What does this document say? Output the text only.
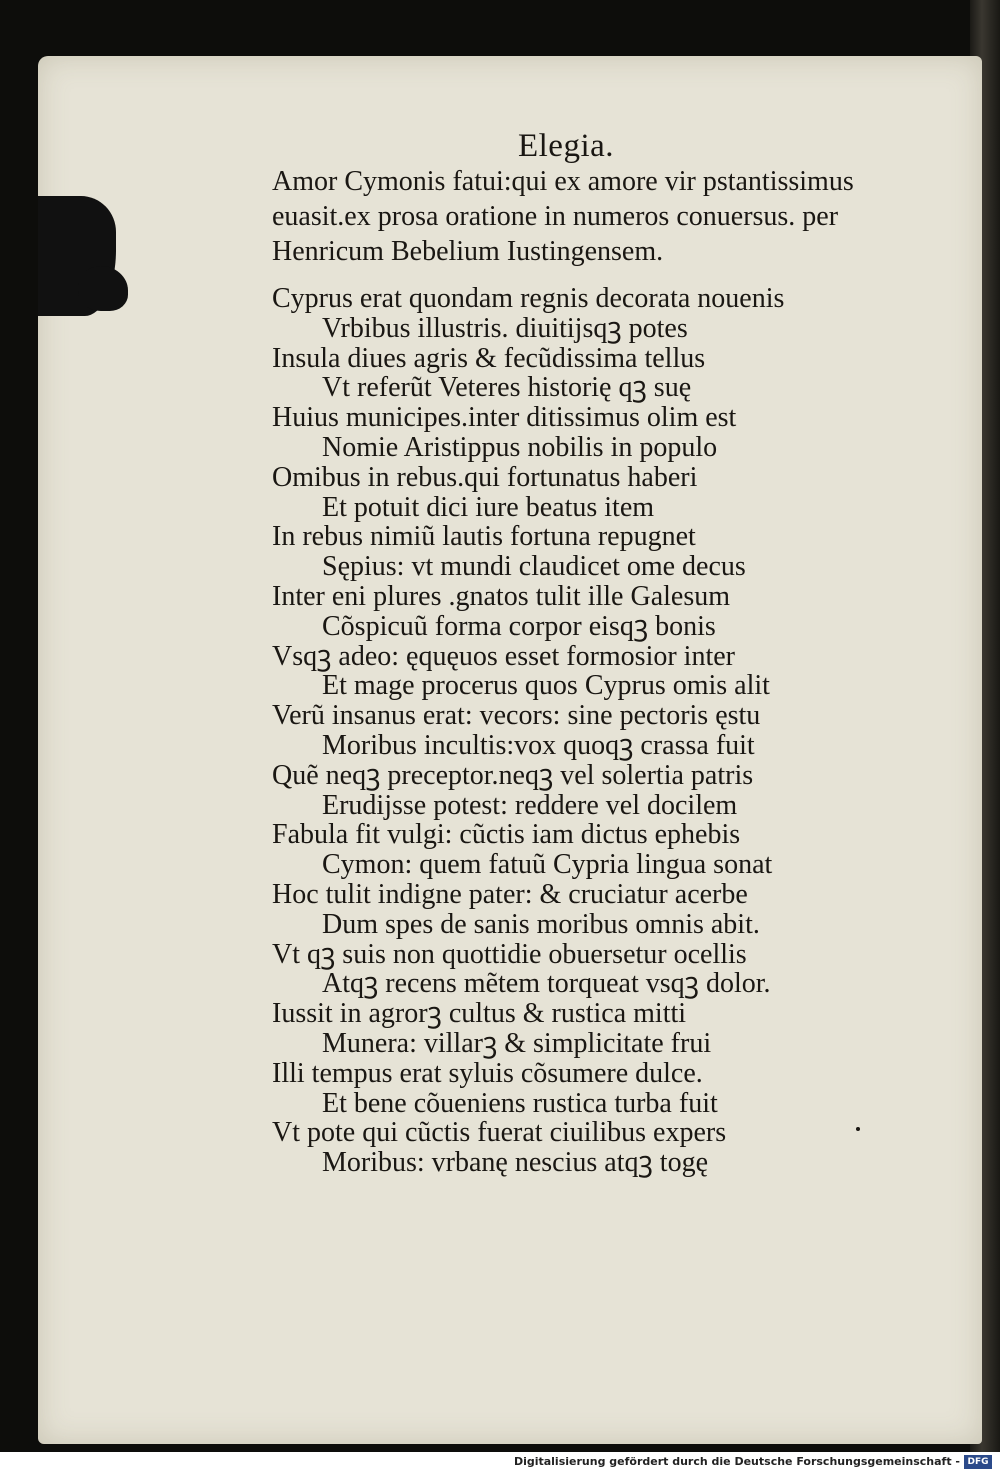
Elegia.
Amor Cymonis fatui:qui ex amore vir pstantissimus
euasit.ex prosa oratione in numeros conuersus. per
Henricum Bebelium Iustingensem.
Cyprus erat quondam regnis decorata nouenis
Vrbibus illustris. diuitijsqꝫ potes
Insula diues agris & fecũdissima tellus
Vt referũt Veteres historię qꝫ suę
Huius municipes.inter ditissimus olim est
Nomie Aristippus nobilis in populo
Omibus in rebus.qui fortunatus haberi
Et potuit dici iure beatus item
In rebus nimiũ lautis fortuna repugnet
Sępius: vt mundi claudicet ome decus
Inter eni plures .gnatos tulit ille Galesum
Cõspicuũ forma corpor eisqꝫ bonis
Vsqꝫ adeo: ęquęuos esset formosior inter
Et mage procerus quos Cyprus omis alit
Verũ insanus erat: vecors: sine pectoris ęstu
Moribus incultis:vox quoqꝫ crassa fuit
Quẽ neqꝫ preceptor.neqꝫ vel solertia patris
Erudijsse potest: reddere vel docilem
Fabula fit vulgi: cũctis iam dictus ephebis
Cymon: quem fatuũ Cypria lingua sonat
Hoc tulit indigne pater: & cruciatur acerbe
Dum spes de sanis moribus omnis abit.
Vt qꝫ suis non quottidie obuersetur ocellis
Atqꝫ recens mẽtem torqueat vsqꝫ dolor.
Iussit in agrorꝫ cultus & rustica mitti
Munera: villarꝫ & simplicitate frui
Illi tempus erat syluis cõsumere dulce.
Et bene cõueniens rustica turba fuit
Vt pote qui cũctis fuerat ciuilibus expers
Moribus: vrbanę nescius atqꝫ togę
Digitalisierung gefördert durch die Deutsche Forschungsgemeinschaft - DFG
